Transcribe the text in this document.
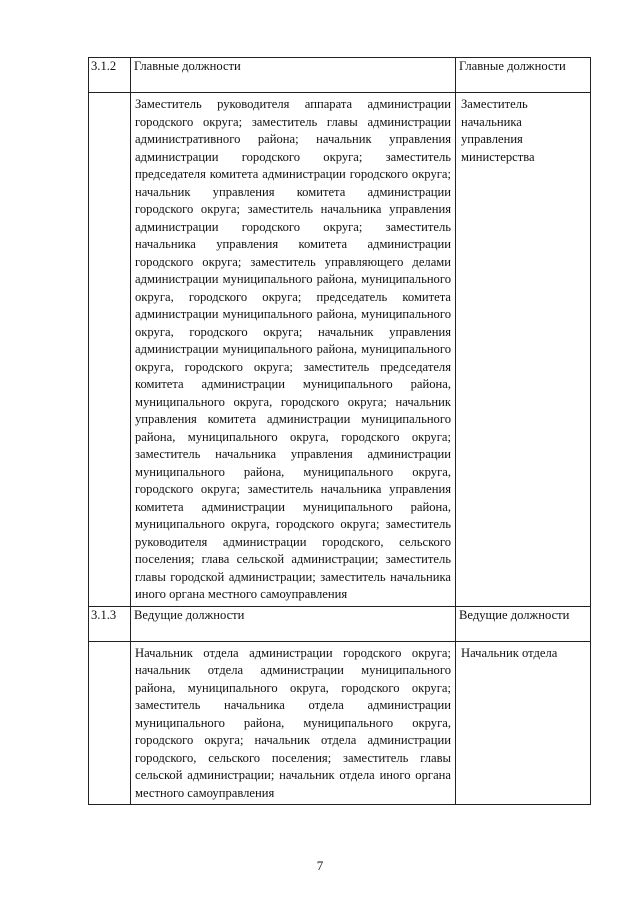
3.1.2	Главные должности	Главные должности
	Заместитель руководителя аппарата администрации городского округа; заместитель главы администрации административного района; начальник управления администрации городского округа; заместитель председателя комитета администрации городского округа; начальник управления комитета администрации городского округа; заместитель начальника управления администрации городского округа; заместитель начальника управления комитета администрации городского округа; заместитель управляющего делами администрации муниципального района, муниципального округа, городского округа; председатель комитета администрации муниципального района, муниципального округа, городского округа; начальник управления администрации муниципального района, муниципального округа, городского округа; заместитель председателя комитета администрации муниципального района, муниципального округа, городского округа; начальник управления комитета администрации муниципального района, муниципального округа, городского округа; заместитель начальника управления администрации муниципального района, муниципального округа, городского округа; заместитель начальника управления комитета администрации муниципального района, муниципального округа, городского округа; заместитель руководителя администрации городского, сельского поселения; глава сельской администрации; заместитель главы городской администрации; заместитель начальника иного органа местного самоуправления	Заместитель начальника управления министерства
3.1.3	Ведущие должности	Ведущие должности
	Начальник отдела администрации городского округа; начальник отдела администрации муниципального района, муниципального округа, городского округа; заместитель начальника отдела администрации муниципального района, муниципального округа, городского округа; начальник отдела администрации городского, сельского поселения; заместитель главы сельской администрации; начальник отдела иного органа местного самоуправления	Начальник отдела
7
